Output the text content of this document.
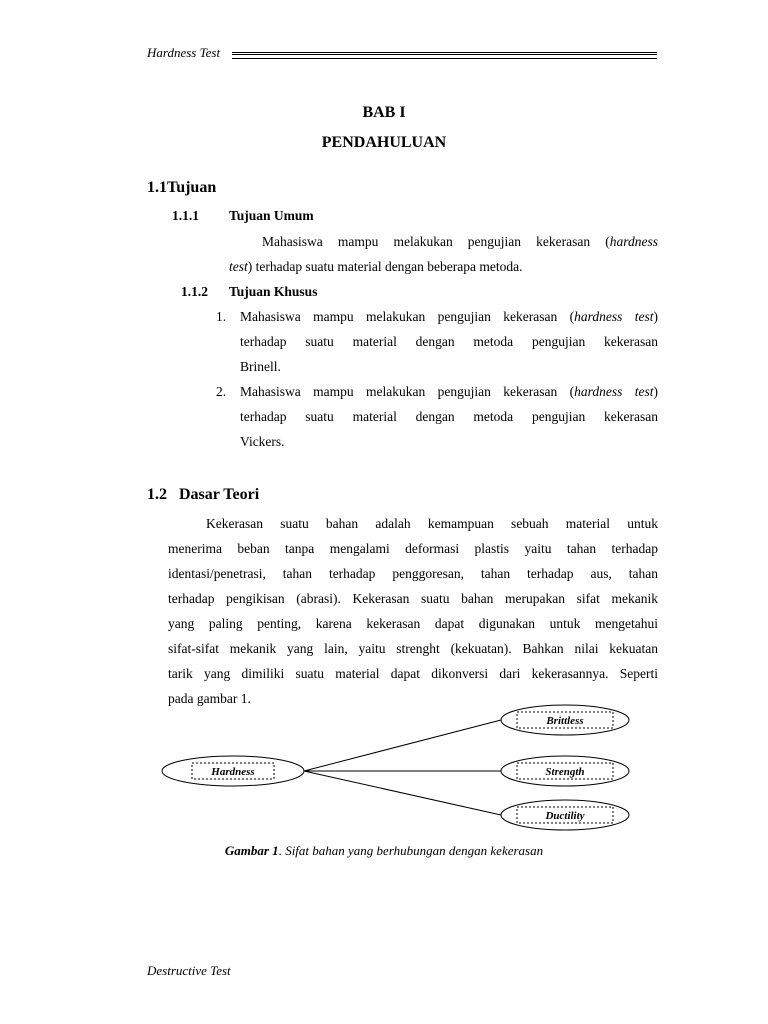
Hardness Test
BAB I
PENDAHULUAN
1.1Tujuan
1.1.1 Tujuan Umum
Mahasiswa mampu melakukan pengujian kekerasan (hardness
test) terhadap suatu material dengan beberapa metoda.
1.1.2 Tujuan Khusus
1. Mahasiswa mampu melakukan pengujian kekerasan (hardness test)
terhadap suatu material dengan metoda pengujian kekerasan
Brinell.
2. Mahasiswa mampu melakukan pengujian kekerasan (hardness test)
terhadap suatu material dengan metoda pengujian kekerasan
Vickers.
1.2   Dasar Teori
Kekerasan suatu bahan adalah kemampuan sebuah material untuk
menerima beban tanpa mengalami deformasi plastis yaitu tahan terhadap
identasi/penetrasi, tahan terhadap penggoresan, tahan terhadap aus, tahan
terhadap pengikisan (abrasi). Kekerasan suatu bahan merupakan sifat mekanik
yang paling penting, karena kekerasan dapat digunakan untuk mengetahui
sifat-sifat mekanik yang lain, yaitu strenght (kekuatan). Bahkan nilai kekuatan
tarik yang dimiliki suatu material dapat dikonversi dari kekerasannya. Seperti
pada gambar 1.
Hardness
Brittless
Strength
Ductility
Gambar 1. Sifat bahan yang berhubungan dengan kekerasan
Destructive Test
